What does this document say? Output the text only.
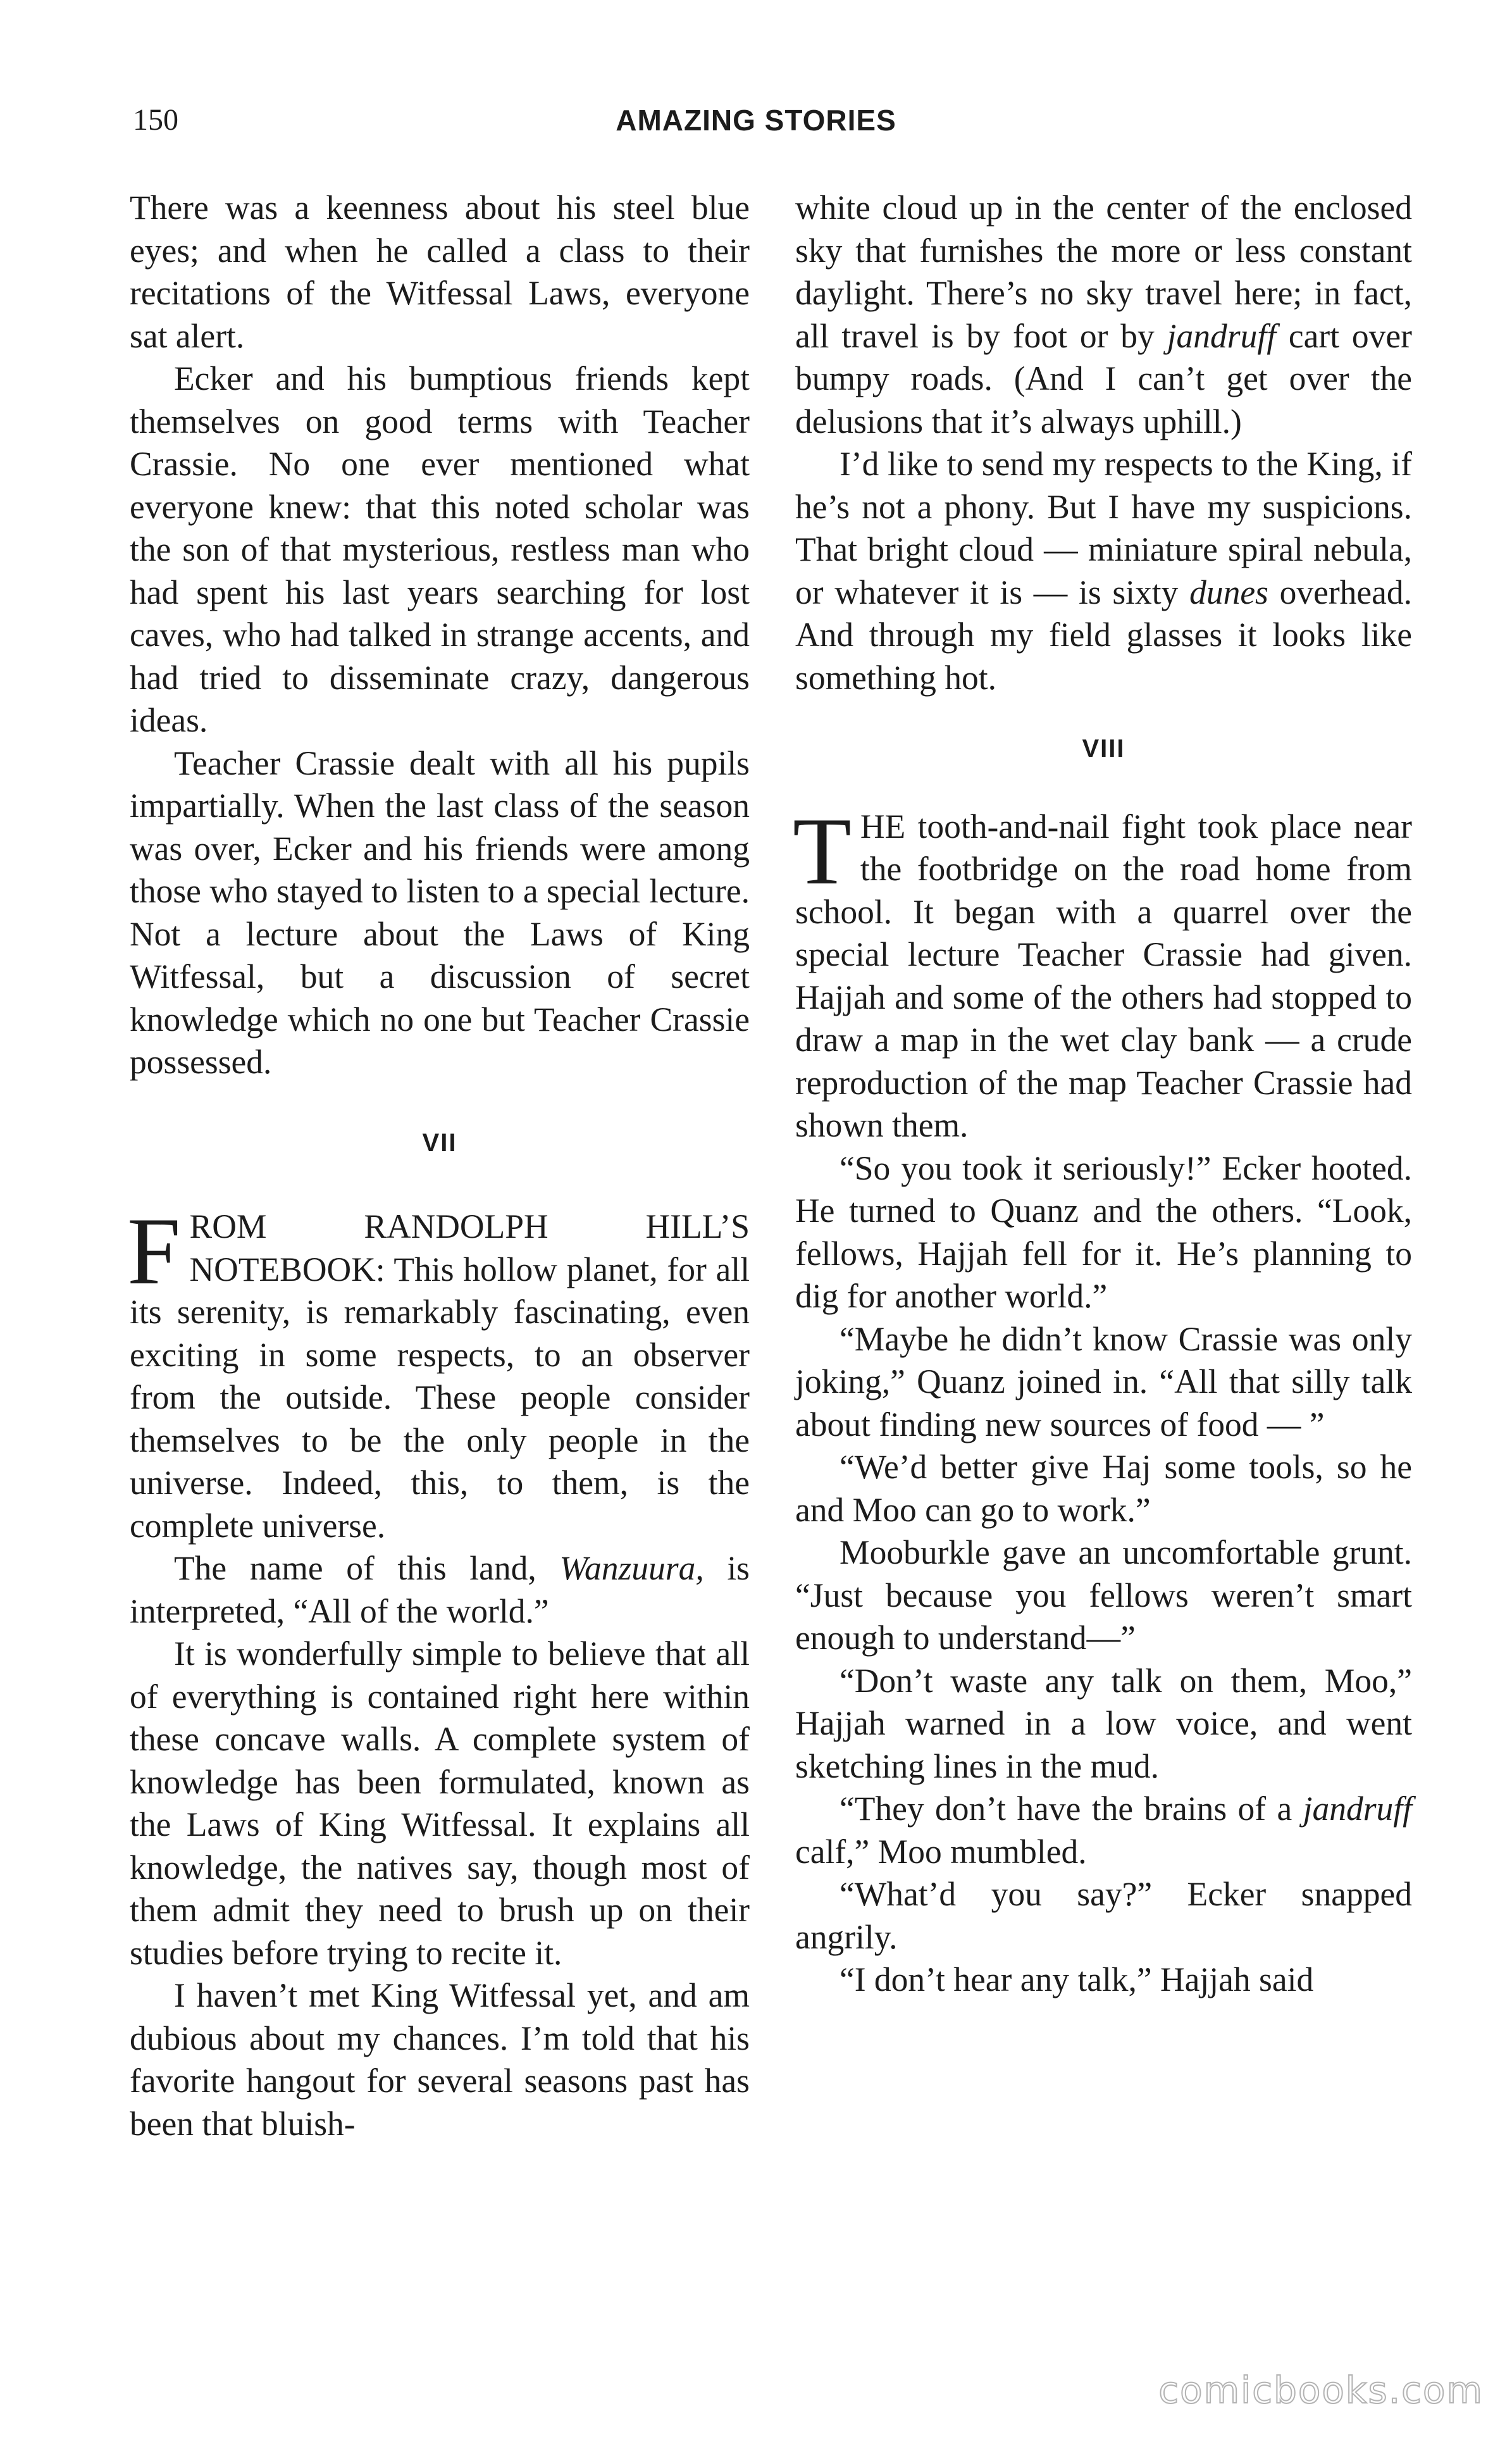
150	AMAZING STORIES

There was a keenness about his steel blue eyes; and when he called a class to their recitations of the Witfessal Laws, everyone sat alert.

Ecker and his bumptious friends kept themselves on good terms with Teacher Crassie. No one ever mentioned what everyone knew: that this noted scholar was the son of that mysterious, restless man who had spent his last years searching for lost caves, who had talked in strange accents, and had tried to disseminate crazy, dangerous ideas.

Teacher Crassie dealt with all his pupils impartially. When the last class of the season was over, Ecker and his friends were among those who stayed to listen to a special lecture. Not a lecture about the Laws of King Witfessal, but a discussion of secret knowledge which no one but Teacher Crassie possessed.

VII

FROM RANDOLPH HILL’S NOTEBOOK: This hollow planet, for all its serenity, is remarkably fascinating, even exciting in some respects, to an observer from the outside. These people consider themselves to be the only people in the universe. Indeed, this, to them, is the complete universe.

The name of this land, Wanzuura, is interpreted, “All of the world.”

It is wonderfully simple to believe that all of everything is contained right here within these concave walls. A complete system of knowledge has been formulated, known as the Laws of King Witfessal. It explains all knowledge, the natives say, though most of them admit they need to brush up on their studies before trying to recite it.

I haven’t met King Witfessal yet, and am dubious about my chances. I’m told that his favorite hangout for several seasons past has been that bluish-

white cloud up in the center of the enclosed sky that furnishes the more or less constant daylight. There’s no sky travel here; in fact, all travel is by foot or by jandruff cart over bumpy roads. (And I can’t get over the delusions that it’s always uphill.)

I’d like to send my respects to the King, if he’s not a phony. But I have my suspicions. That bright cloud — miniature spiral nebula, or whatever it is — is sixty dunes overhead. And through my field glasses it looks like something hot.

VIII

THE tooth-and-nail fight took place near the footbridge on the road home from school. It began with a quarrel over the special lecture Teacher Crassie had given. Hajjah and some of the others had stopped to draw a map in the wet clay bank — a crude reproduction of the map Teacher Crassie had shown them.

“So you took it seriously!” Ecker hooted. He turned to Quanz and the others. “Look, fellows, Hajjah fell for it. He’s planning to dig for another world.”

“Maybe he didn’t know Crassie was only joking,” Quanz joined in. “All that silly talk about finding new sources of food — ”

“We’d better give Haj some tools, so he and Moo can go to work.”

Mooburkle gave an uncomfortable grunt. “Just because you fellows weren’t smart enough to understand—”

“Don’t waste any talk on them, Moo,” Hajjah warned in a low voice, and went sketching lines in the mud.

“They don’t have the brains of a jandruff calf,” Moo mumbled.

“What’d you say?” Ecker snapped angrily.

“I don’t hear any talk,” Hajjah said

comicbooks.com
